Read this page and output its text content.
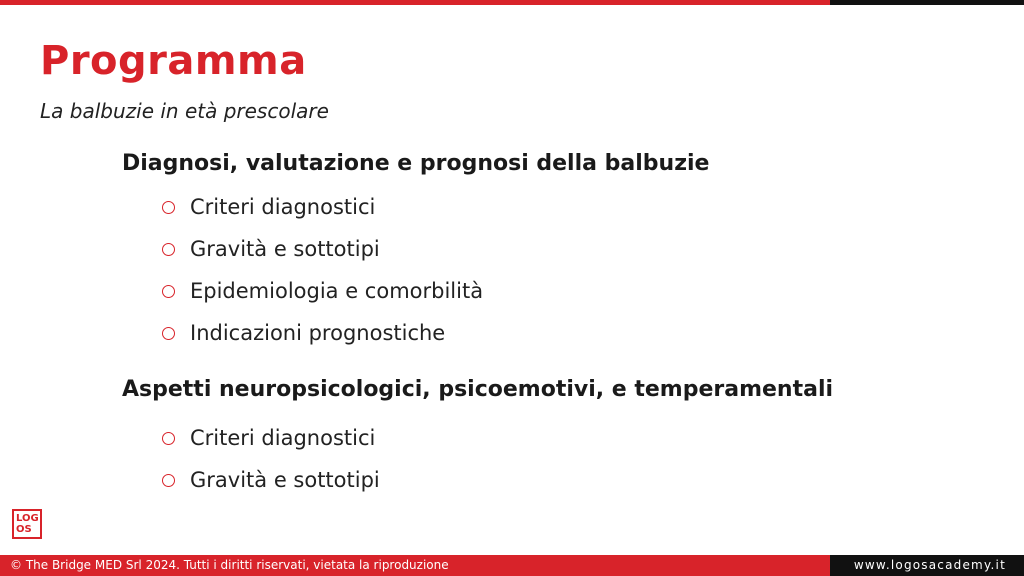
Programma

La balbuzie in età prescolare

Diagnosi, valutazione e prognosi della balbuzie
Criteri diagnostici
Gravità e sottotipi
Epidemiologia e comorbilità
Indicazioni prognostiche
Aspetti neuropsicologici, psicoemotivi, e temperamentali
Criteri diagnostici
Gravità e sottotipi
LOG
OS
© The Bridge MED Srl 2024. Tutti i diritti riservati, vietata la riproduzione	www.logosacademy.it
